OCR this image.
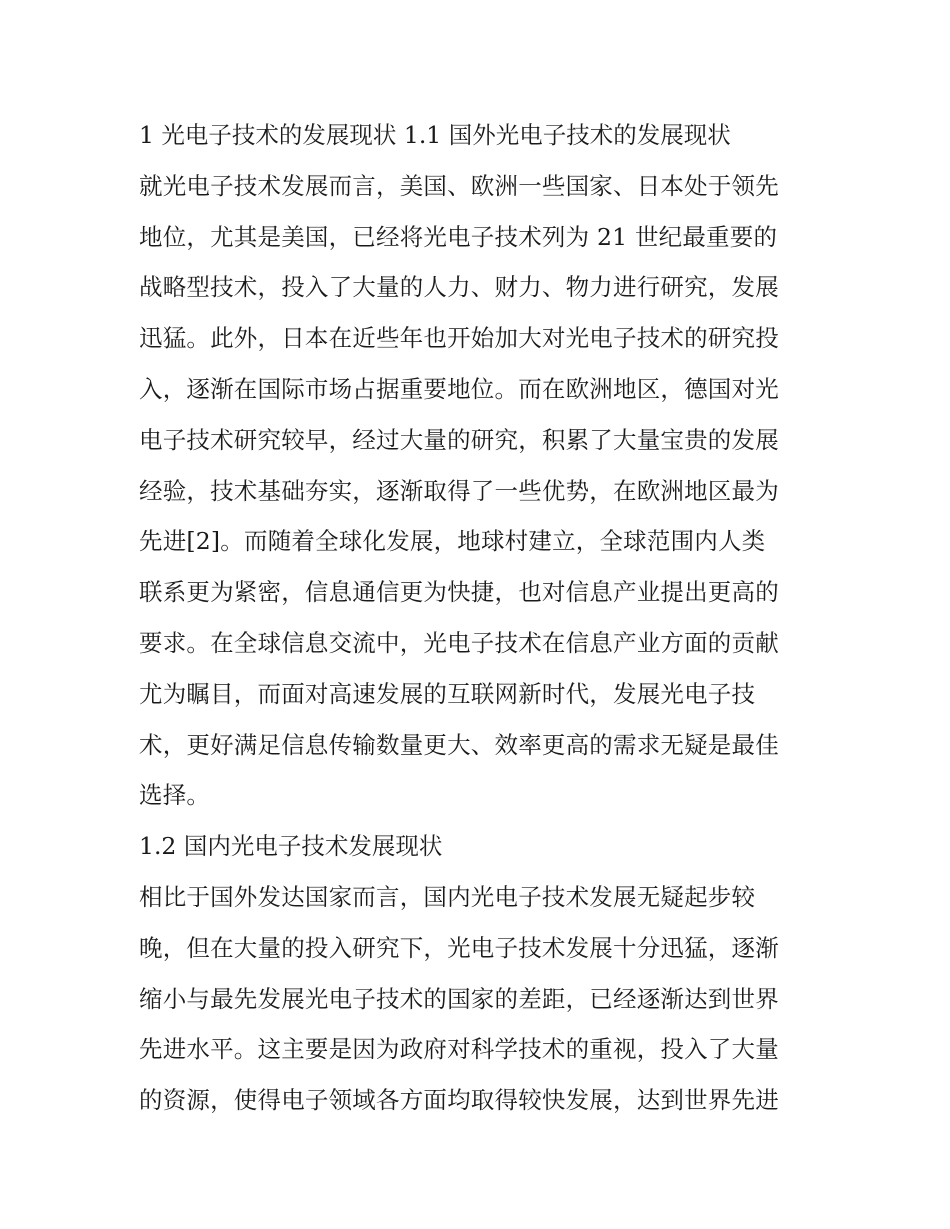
1 光电子技术的发展现状 1.1 国外光电子技术的发展现状
就光电子技术发展而言，美国、欧洲一些国家、日本处于领先
地位，尤其是美国，已经将光电子技术列为 21 世纪最重要的
战略型技术，投入了大量的人力、财力、物力进行研究，发展
迅猛。此外，日本在近些年也开始加大对光电子技术的研究投
入，逐渐在国际市场占据重要地位。而在欧洲地区，德国对光
电子技术研究较早，经过大量的研究，积累了大量宝贵的发展
经验，技术基础夯实，逐渐取得了一些优势，在欧洲地区最为
先进[2]。而随着全球化发展，地球村建立，全球范围内人类
联系更为紧密，信息通信更为快捷，也对信息产业提出更高的
要求。在全球信息交流中，光电子技术在信息产业方面的贡献
尤为瞩目，而面对高速发展的互联网新时代，发展光电子技
术，更好满足信息传输数量更大、效率更高的需求无疑是最佳
选择。
1.2 国内光电子技术发展现状
相比于国外发达国家而言，国内光电子技术发展无疑起步较
晚，但在大量的投入研究下，光电子技术发展十分迅猛，逐渐
缩小与最先发展光电子技术的国家的差距，已经逐渐达到世界
先进水平。这主要是因为政府对科学技术的重视，投入了大量
的资源，使得电子领域各方面均取得较快发展，达到世界先进
